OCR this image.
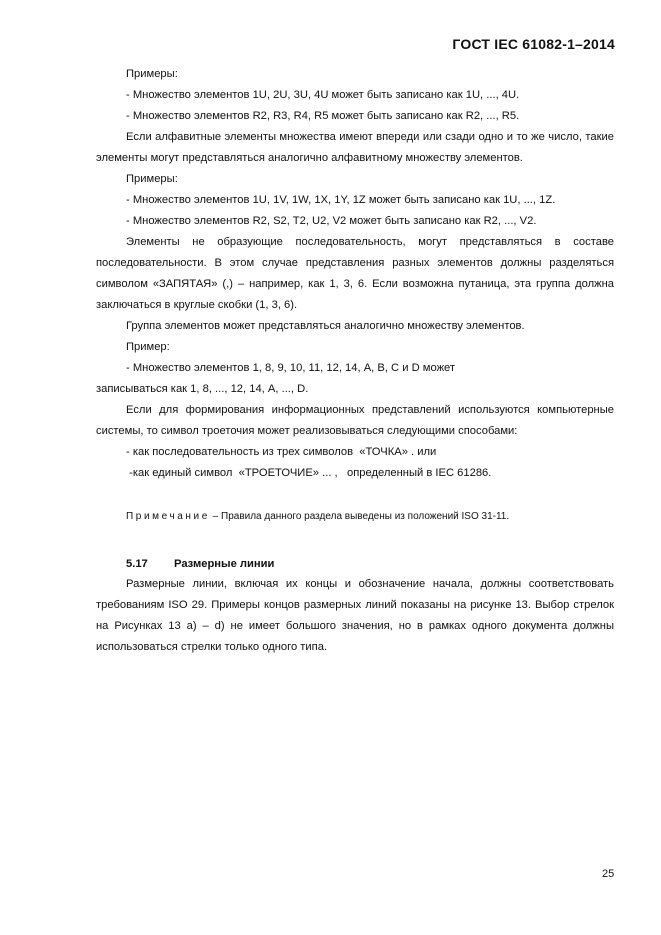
ГОСТ IEC 61082-1–2014

Примеры:

- Множество элементов 1U, 2U, 3U, 4U может быть записано как 1U, ..., 4U.

- Множество элементов R2, R3, R4, R5 может быть записано как R2, ..., R5.

Если алфавитные элементы множества имеют впереди или сзади одно и то же число, такие элементы могут представляться аналогично алфавитному множеству элементов.

Примеры:

- Множество элементов 1U, 1V, 1W, 1X, 1Y, 1Z может быть записано как 1U, ..., 1Z.

- Множество элементов R2, S2, T2, U2, V2 может быть записано как R2, ..., V2.

Элементы не образующие последовательность, могут представляться в составе последовательности. В этом случае представления разных элементов должны разделяться символом «ЗАПЯТАЯ» (,) – например, как 1, 3, 6. Если возможна путаница, эта группа должна заключаться в круглые скобки (1, 3, 6).

Группа элементов может представляться аналогично множеству элементов.

Пример:

- Множество элементов 1, 8, 9, 10, 11, 12, 14, A, B, C и D может

записываться как 1, 8, ..., 12, 14, A, ..., D.

Если для формирования информационных представлений используются компьютерные системы, то символ троеточия может реализовываться следующими способами:

- как последовательность из трех символов  «ТОЧКА» . или

-как единый символ  «ТРОЕТОЧИЕ» ... ,   определенный в IEC 61286.

Примечание – Правила данного раздела выведены из положений ISO 31-11.

5.17 Размерные линии

Размерные линии, включая их концы и обозначение начала, должны соответствовать требованиям ISO 29. Примеры концов размерных линий показаны на рисунке 13. Выбор стрелок на Рисунках 13 a) – d) не имеет большого значения, но в рамках одного документа должны использоваться стрелки только одного типа.

25
